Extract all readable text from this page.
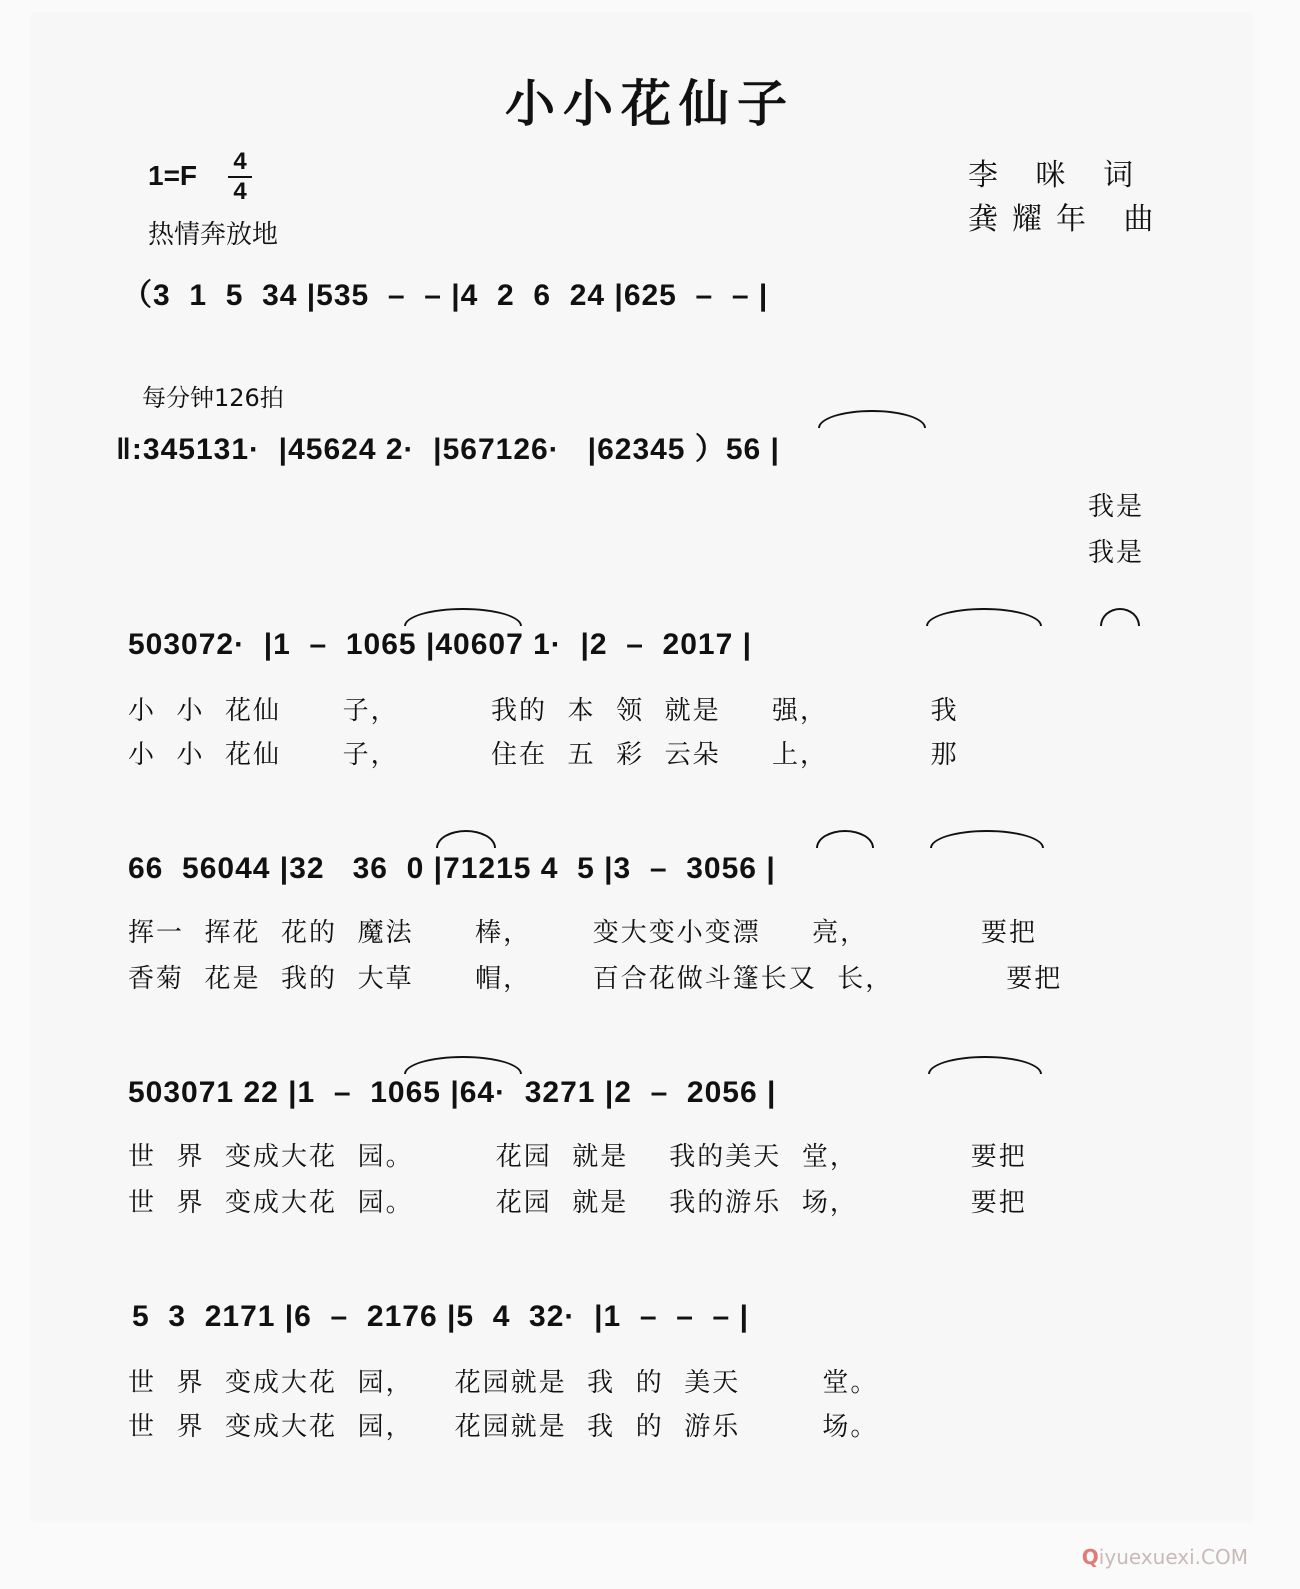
小小花仙子
1=F 4
4
热情奔放地
李 咪 词
龚耀年 曲
（3  1  5  34 |535  –  – |4  2  6  24 |625  –  – |
每分钟126拍
‖:345131·  |45624 2·  |567126·   |62345 ）56 |
我是
我是
503072·  |1  –  1065 |40607 1·  |2  –  2017 |
小  小  花仙      子，         我的  本  领  就是     强，          我
小  小  花仙      子，         住在  五  彩  云朵     上，          那
66  56044 |32   36  0 |71215 4  5 |3  –  3056 |
挥一  挥花  花的  魔法      棒，      变大变小变漂     亮，           要把
香菊  花是  我的  大草      帽，      百合花做斗篷长又  长，           要把
503071 22 |1  –  1065 |64·  3271 |2  –  2056 |
世  界  变成大花  园。        花园  就是    我的美天  堂，           要把
世  界  变成大花  园。        花园  就是    我的游乐  场，           要把
5  3  2171 |6  –  2176 |5  4  32·  |1  –  –  – |
世  界  变成大花  园，    花园就是  我  的  美天        堂。
世  界  变成大花  园，    花园就是  我  的  游乐        场。
Qiyuexuexi.COM
